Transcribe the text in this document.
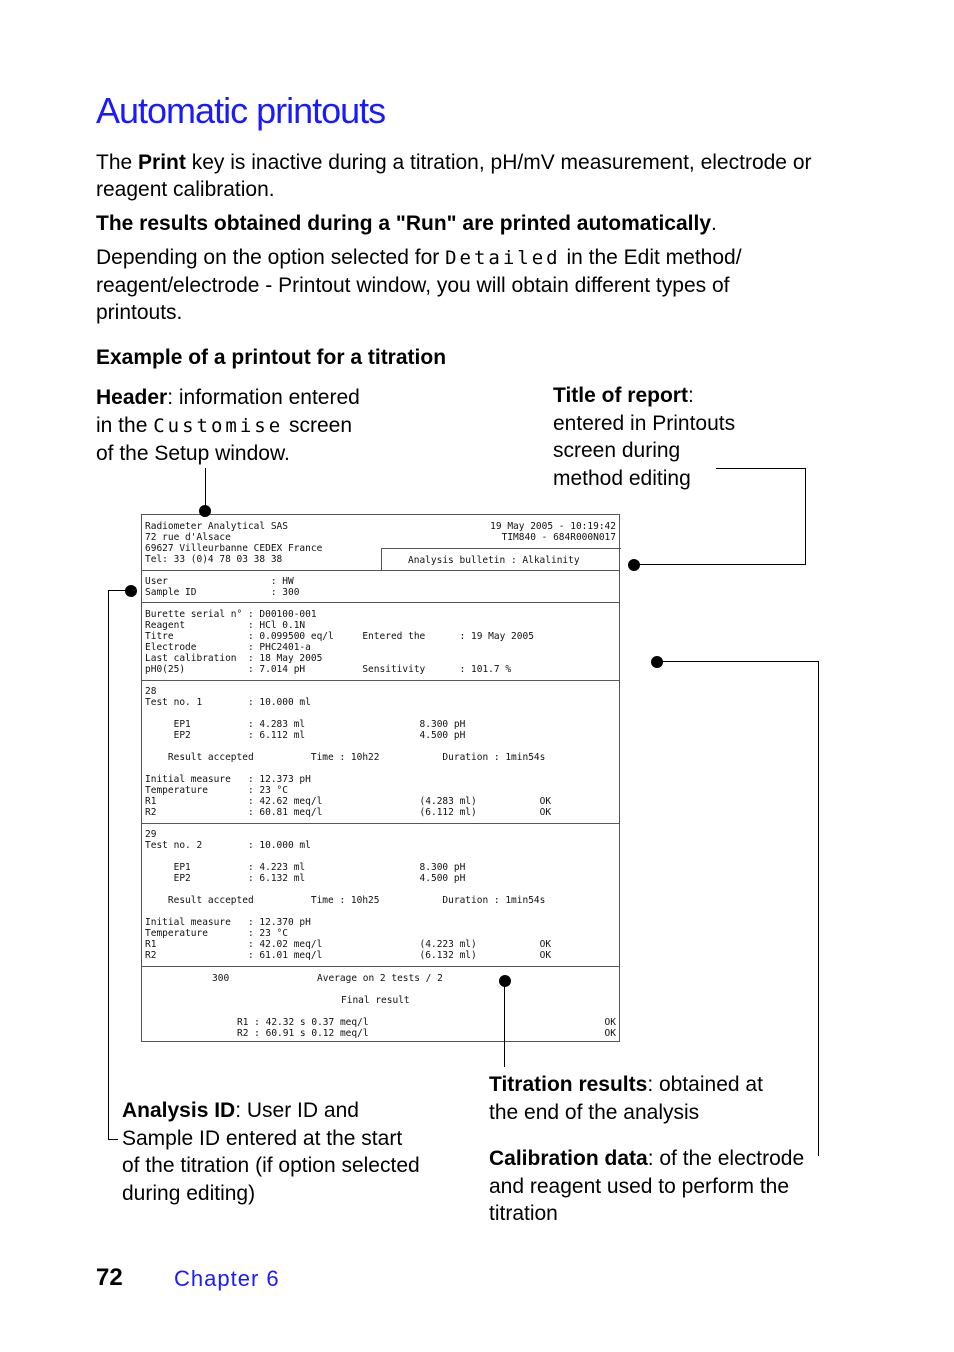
Automatic printouts
The Print key is inactive during a titration, pH/mV measurement, electrode or reagent calibration.
The results obtained during a "Run" are printed automatically.
Depending on the option selected for Detailed in the Edit method/ reagent/electrode - Printout window, you will obtain different types of printouts.
Example of a printout for a titration
Header: information entered
in the Customise screen
of the Setup window.
Title of report:
entered in Printouts
screen during
method editing
Radiometer Analytical SAS
72 rue d'Alsace
69627 Villeurbanne CEDEX France
Tel: 33 (0)4 78 03 38 38
19 May 2005 - 10:19:42
TIM840 - 684R000N017
Analysis bulletin : Alkalinity
User                  : HW
Sample ID             : 300
Burette serial n° : D00100-001
Reagent           : HCl 0.1N
Titre             : 0.099500 eq/l     Entered the      : 19 May 2005
Electrode         : PHC2401-a
Last calibration  : 18 May 2005
pH0(25)           : 7.014 pH          Sensitivity      : 101.7 %
28
Test no. 1        : 10.000 ml

EP1          : 4.283 ml                    8.300 pH
EP2          : 6.112 ml                    4.500 pH

Result accepted          Time : 10h22           Duration : 1min54s

Initial measure   : 12.373 pH
Temperature       : 23 °C
R1                : 42.62 meq/l                 (4.283 ml)           OK
R2                : 60.81 meq/l                 (6.112 ml)           OK
29
Test no. 2        : 10.000 ml

EP1          : 4.223 ml                    8.300 pH
EP2          : 6.132 ml                    4.500 pH

Result accepted          Time : 10h25           Duration : 1min54s

Initial measure   : 12.370 pH
Temperature       : 23 °C
R1                : 42.02 meq/l                 (4.223 ml)           OK
R2                : 61.01 meq/l                 (6.132 ml)           OK
300	Average on 2 tests / 2
Final result
R1 : 42.32 s 0.37 meq/l
R2 : 60.91 s 0.12 meq/l
OK
OK
Analysis ID: User ID and
Sample ID entered at the start
of the titration (if option selected
during editing)
Titration results: obtained at
the end of the analysis
Calibration data: of the electrode
and reagent used to perform the
titration
72 Chapter 6
